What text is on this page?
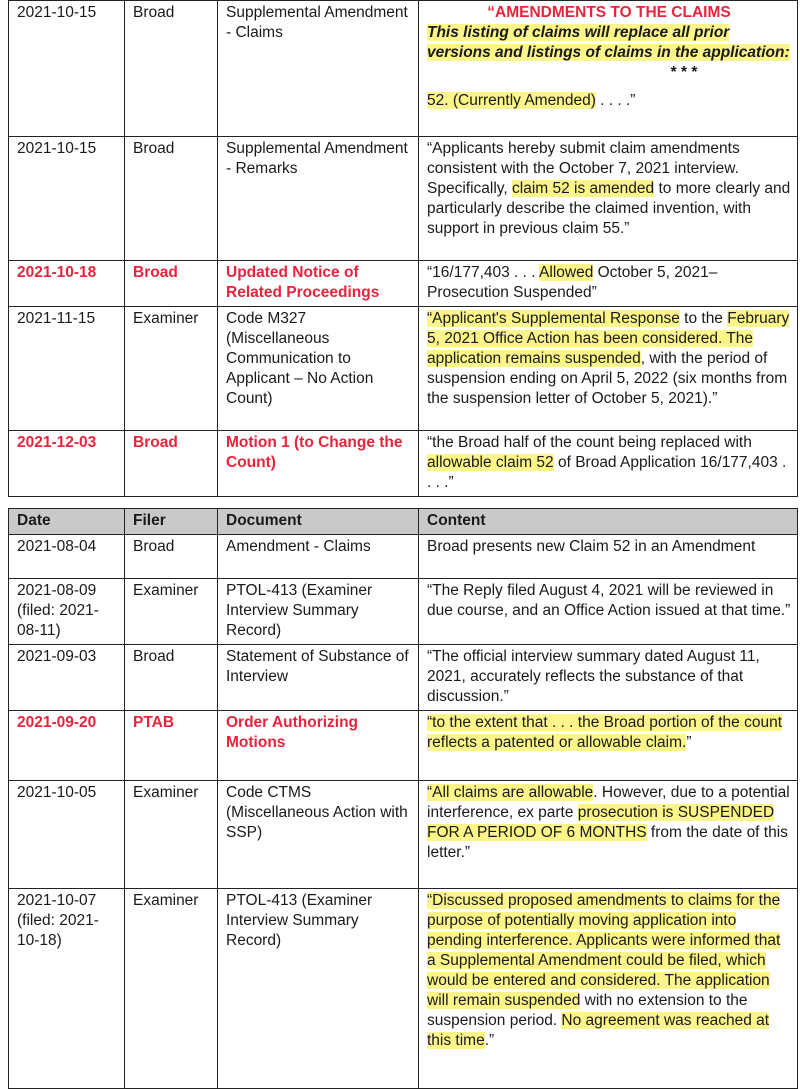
2021-10-15	Broad	Supplemental Amendment - Claims	“AMENDMENTS TO THE CLAIMS
This listing of claims will replace all prior versions and listings of claims in the application:
* * *
52. (Currently Amended) . . . .”
2021-10-15	Broad	Supplemental Amendment - Remarks	“Applicants hereby submit claim amendments consistent with the October 7, 2021 interview. Specifically, claim 52 is amended to more clearly and particularly describe the claimed invention, with support in previous claim 55.”
2021-10-18	Broad	Updated Notice of Related Proceedings	“16/177,403 . . . Allowed October 5, 2021– Prosecution Suspended”
2021-11-15	Examiner	Code M327 (Miscellaneous Communication to Applicant – No Action Count)	“Applicant's Supplemental Response to the February 5, 2021 Office Action has been considered. The application remains suspended, with the period of suspension ending on April 5, 2022 (six months from the suspension letter of October 5, 2021).”
2021-12-03	Broad	Motion 1 (to Change the Count)	“the Broad half of the count being replaced with allowable claim 52 of Broad Application 16/177,403 . . . .”
Date	Filer	Document	Content
2021-08-04	Broad	Amendment - Claims	Broad presents new Claim 52 in an Amendment
2021-08-09 (filed: 2021-08-11)	Examiner	PTOL-413 (Examiner Interview Summary Record)	“The Reply filed August 4, 2021 will be reviewed in due course, and an Office Action issued at that time.”
2021-09-03	Broad	Statement of Substance of Interview	“The official interview summary dated August 11, 2021, accurately reflects the substance of that discussion.”
2021-09-20	PTAB	Order Authorizing Motions	“to the extent that . . . the Broad portion of the count reflects a patented or allowable claim.”
2021-10-05	Examiner	Code CTMS (Miscellaneous Action with SSP)	“All claims are allowable. However, due to a potential interference, ex parte prosecution is SUSPENDED FOR A PERIOD OF 6 MONTHS from the date of this letter.”
2021-10-07 (filed: 2021-10-18)	Examiner	PTOL-413 (Examiner Interview Summary Record)	“Discussed proposed amendments to claims for the purpose of potentially moving application into pending interference. Applicants were informed that a Supplemental Amendment could be filed, which would be entered and considered. The application will remain suspended with no extension to the suspension period. No agreement was reached at this time.”
